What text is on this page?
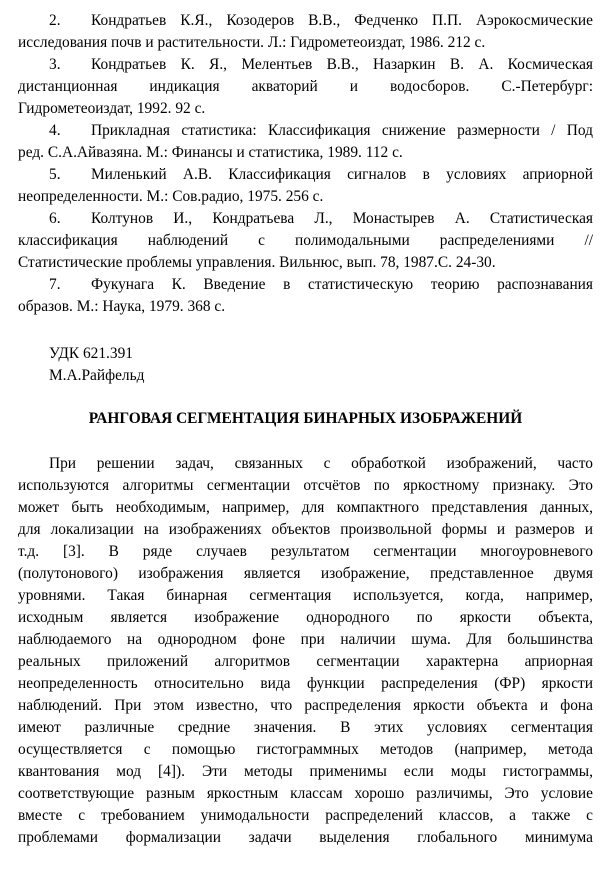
2. Кондратьев К.Я., Козодеров В.В., Федченко П.П. Аэрокосмические
исследования почв и растительности. Л.: Гидрометеоиздат, 1986. 212 с.
3. Кондратьев К. Я., Мелентьев В.В., Назаркин В. А. Космическая
дистанционная индикация акваторий и водосборов. С.-Петербург:
Гидрометеоиздат, 1992. 92 с.
4. Прикладная статистика: Классификация снижение размерности / Под
ред. С.А.Айвазяна. М.: Финансы и статистика, 1989. 112 с.
5. Миленький А.В. Классификация сигналов в условиях априорной
неопределенности. М.: Сов.радио, 1975. 256 с.
6. Колтунов И., Кондратьева Л., Монастырев А. Статистическая
классификация наблюдений с полимодальными распределениями //
Статистические проблемы управления. Вильнюс, вып. 78, 1987.С. 24-30.
7. Фукунага К. Введение в статистическую теорию распознавания
образов. М.: Наука, 1979. 368 с.
УДК 621.391
М.А.Райфельд
РАНГОВАЯ СЕГМЕНТАЦИЯ БИНАРНЫХ ИЗОБРАЖЕНИЙ
При решении задач, связанных с обработкой изображений, часто
используются алгоритмы сегментации отсчётов по яркостному признаку. Это
может быть необходимым, например, для компактного представления данных,
для локализации на изображениях объектов произвольной формы и размеров и
т.д. [3]. В ряде случаев результатом сегментации многоуровневого
(полутонового) изображения является изображение, представленное двумя
уровнями. Такая бинарная сегментация используется, когда, например,
исходным является изображение однородного по яркости объекта,
наблюдаемого на однородном фоне при наличии шума. Для большинства
реальных приложений алгоритмов сегментации характерна априорная
неопределенность относительно вида функции распределения (ФР) яркости
наблюдений. При этом известно, что распределения яркости объекта и фона
имеют различные средние значения. В этих условиях сегментация
осуществляется с помощью гистограммных методов (например, метода
квантования мод [4]). Эти методы применимы если моды гистограммы,
соответствующие разным яркостным классам хорошо различимы, Это условие
вместе с требованием унимодальности распределений классов, а также с
проблемами формализации задачи выделения глобального минимума
